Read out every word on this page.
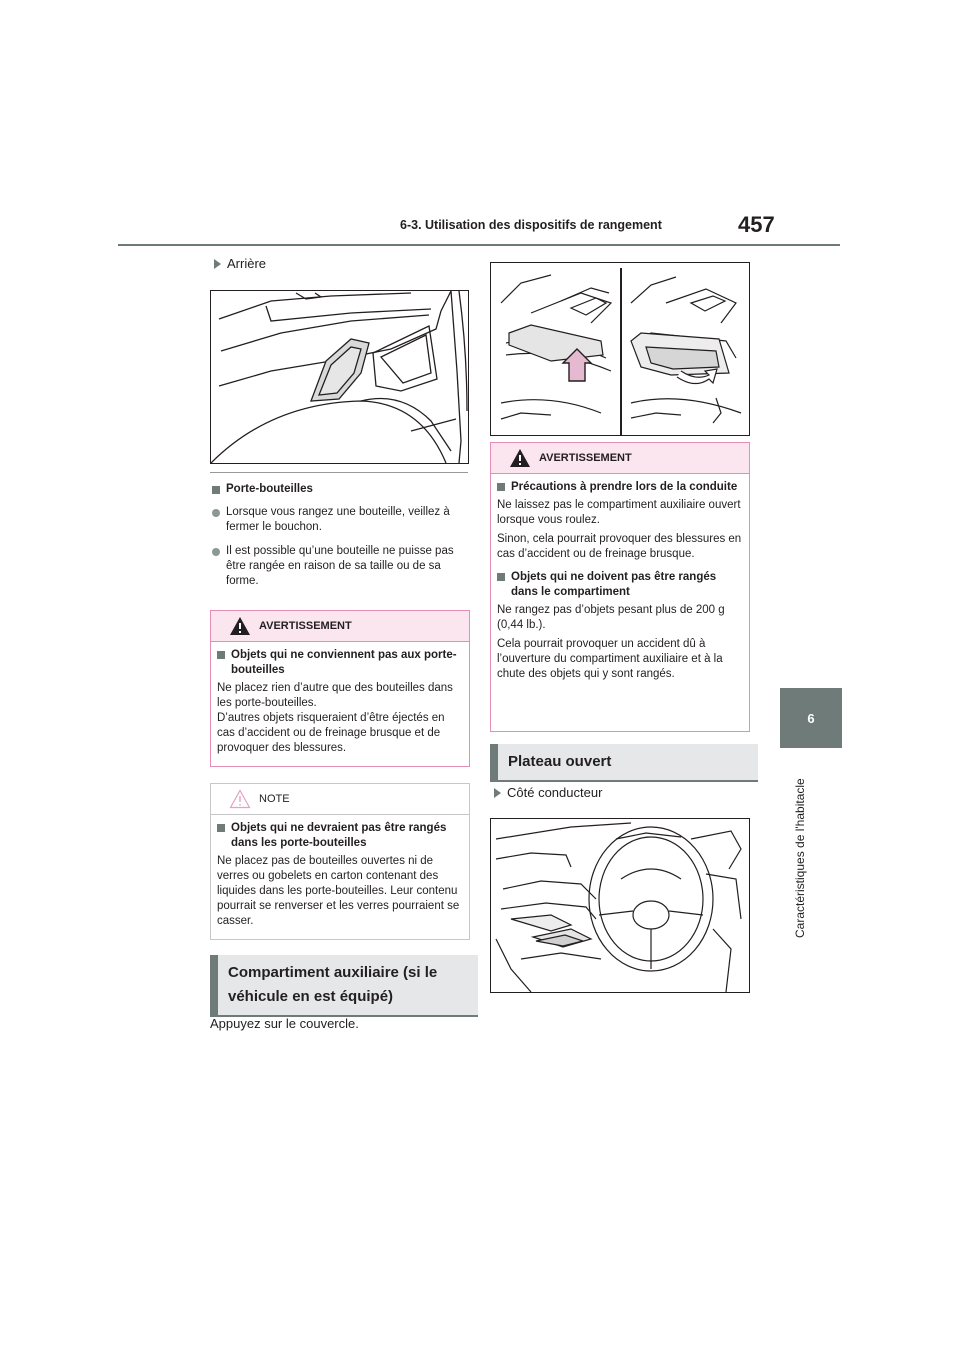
6-3. Utilisation des dispositifs de rangement	457
6
Caractéristiques de l'habitacle
Arrière
Porte-bouteilles
Lorsque vous rangez une bouteille, veillez à fermer le bouchon.
Il est possible qu’une bouteille ne puisse pas être rangée en raison de sa taille ou de sa forme.
AVERTISSEMENT
Objets qui ne conviennent pas aux porte-bouteilles

Ne placez rien d’autre que des bouteilles dans les porte-bouteilles.

D’autres objets risqueraient d’être éjectés en cas d’accident ou de freinage brusque et de provoquer des blessures.

NOTE
Objets qui ne devraient pas être rangés dans les porte-bouteilles

Ne placez pas de bouteilles ouvertes ni de verres ou gobelets en carton contenant des liquides dans les porte-bouteilles. Leur contenu pourrait se renverser et les verres pourraient se casser.

Compartiment auxiliaire (si le véhicule en est équipé)
Appuyez sur le couvercle.
AVERTISSEMENT
Précautions à prendre lors de la conduite

Ne laissez pas le compartiment auxiliaire ouvert lorsque vous roulez.

Sinon, cela pourrait provoquer des blessures en cas d’accident ou de freinage brusque.

Objets qui ne doivent pas être rangés dans le compartiment

Ne rangez pas d’objets pesant plus de 200 g (0,44 lb.).

Cela pourrait provoquer un accident dû à l’ouverture du compartiment auxiliaire et à la chute des objets qui y sont rangés.

Plateau ouvert
Côté conducteur
